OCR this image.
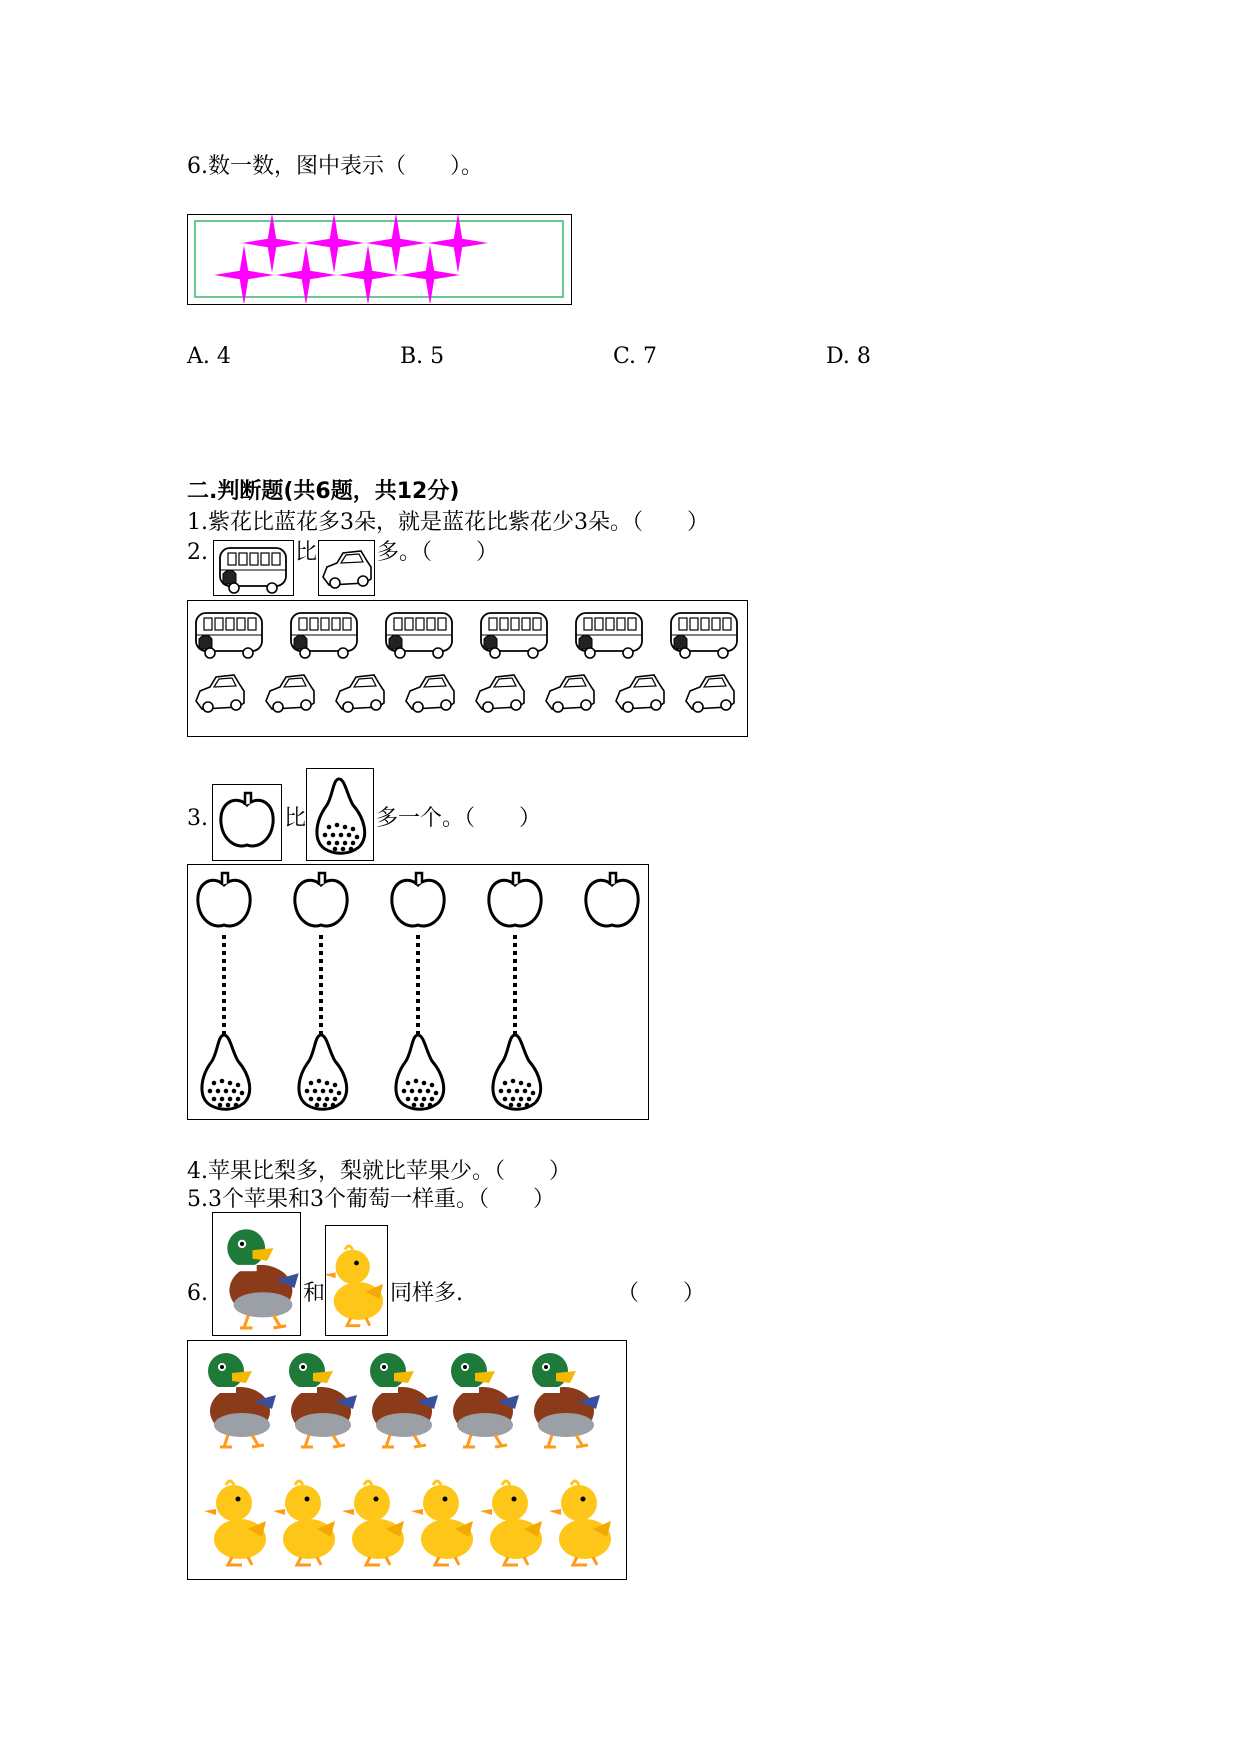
6.数一数，图中表示（　　）。
A. 4	B. 5	C. 7	D. 8
二.判断题(共6题，共12分)
1.紫花比蓝花多3朵，就是蓝花比紫花少3朵。（　　）
2.	比	多。（　　）
3.	比	多一个。（　　）
4.苹果比梨多，梨就比苹果少。（　　）
5.3个苹果和3个葡萄一样重。（　　）
6.	和	同样多.	（　　）
